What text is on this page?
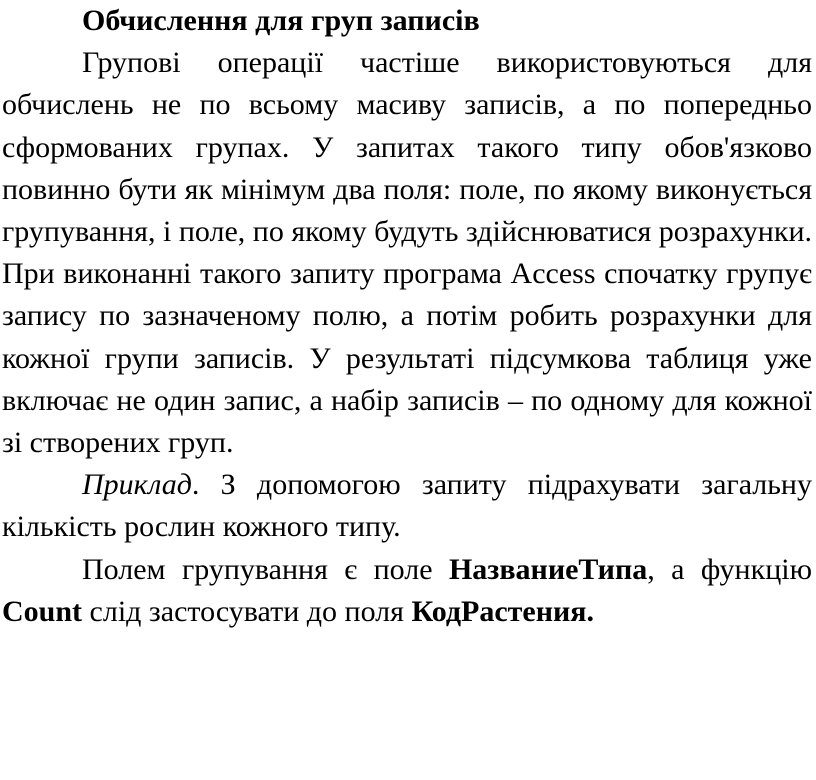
Обчислення для груп записів

Групові операції частіше використовуються для обчислень не по всьому масиву записів, а по попередньо сформованих групах. У запитах такого типу обов'язково повинно бути як мінімум два поля: поле, по якому виконується групування, і поле, по якому будуть здійснюватися розрахунки. При виконанні такого запиту програма Access спочатку групує запису по зазначеному полю, а потім робить розрахунки для кожної групи записів. У результаті підсумкова таблиця уже включає не один запис, а набір записів – по одному для кожної зі створених груп.

Приклад. З допомогою запиту підрахувати загальну кількість рослин кожного типу.

Полем групування є поле НазваниеТипа, а функцію Count слід застосувати до поля КодРастения.
